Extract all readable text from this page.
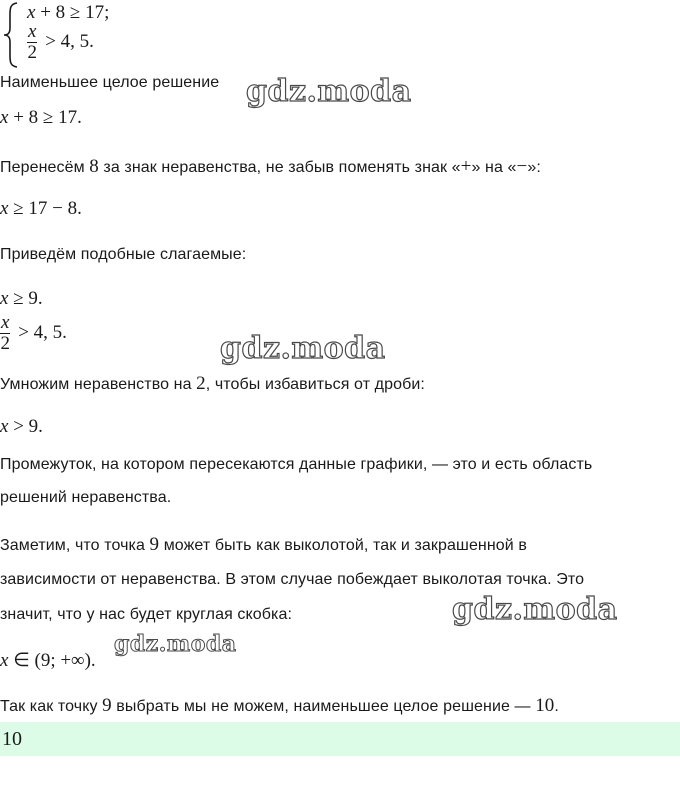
x + 8 ≥ 17;
$\frac{x}{2} > 4$, 5.
Наименьшее целое решение gdz.moda
x + 8 ≥ 17.
Перенесём 8 за знак неравенства, не забыв поменять знак «+» на «−»:
x ≥ 17 − 8.
Приведём подобные слагаемые:
x ≥ 9.
$\frac{x}{2} > 4$, 5.	gdz.moda
Умножим неравенство на 2, чтобы избавиться от дроби:
x > 9.
Промежуток, на котором пересекаются данные графики, — это и есть область
решений неравенства.
Заметим, что точка 9 может быть как выколотой, так и закрашенной в
зависимости от неравенства. В этом случае побеждает выколотая точка. Это
значит, что у нас будет круглая скобка:	gdz.moda
x ∈ (9; +∞).
gdz.moda
Так как точку 9 выбрать мы не можем, наименьшее целое решение — 10.
10
